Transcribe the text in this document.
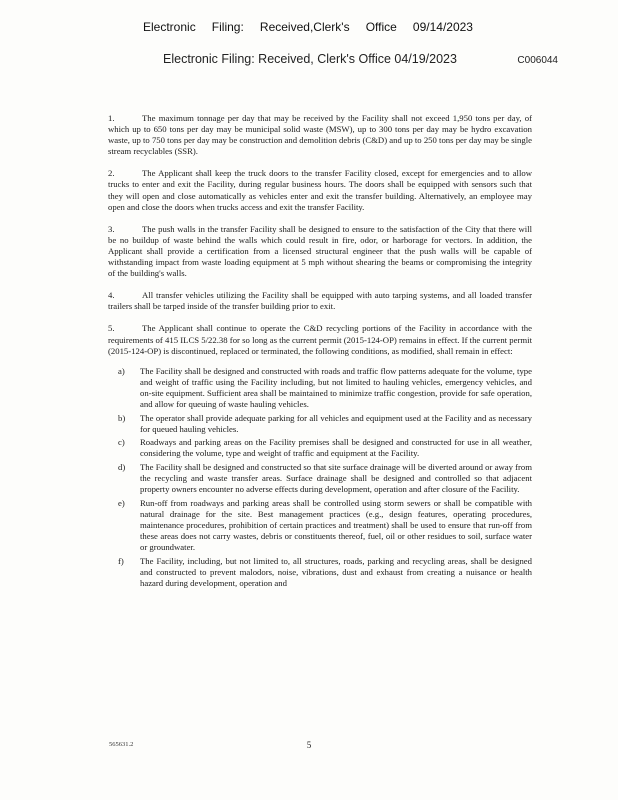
Electronic Filing: Received,Clerk's Office 09/14/2023
Electronic Filing: Received, Clerk's Office 04/19/2023	C006044

1.	The maximum tonnage per day that may be received by the Facility shall not exceed 1,950 tons per day, of which up to 650 tons per day may be municipal solid waste (MSW), up to 300 tons per day may be hydro excavation waste, up to 750 tons per day may be construction and demolition debris (C&D) and up to 250 tons per day may be single stream recyclables (SSR).

2.	The Applicant shall keep the truck doors to the transfer Facility closed, except for emergencies and to allow trucks to enter and exit the Facility, during regular business hours. The doors shall be equipped with sensors such that they will open and close automatically as vehicles enter and exit the transfer building. Alternatively, an employee may open and close the doors when trucks access and exit the transfer Facility.

3.	The push walls in the transfer Facility shall be designed to ensure to the satisfaction of the City that there will be no buildup of waste behind the walls which could result in fire, odor, or harborage for vectors. In addition, the Applicant shall provide a certification from a licensed structural engineer that the push walls will be capable of withstanding impact from waste loading equipment at 5 mph without shearing the beams or compromising the integrity of the building's walls.

4.	All transfer vehicles utilizing the Facility shall be equipped with auto tarping systems, and all loaded transfer trailers shall be tarped inside of the transfer building prior to exit.

5.	The Applicant shall continue to operate the C&D recycling portions of the Facility in accordance with the requirements of 415 ILCS 5/22.38 for so long as the current permit (2015-124-OP) remains in effect. If the current permit (2015-124-OP) is discontinued, replaced or terminated, the following conditions, as modified, shall remain in effect:

a)	The Facility shall be designed and constructed with roads and traffic flow patterns adequate for the volume, type and weight of traffic using the Facility including, but not limited to hauling vehicles, emergency vehicles, and on-site equipment. Sufficient area shall be maintained to minimize traffic congestion, provide for safe operation, and allow for queuing of waste hauling vehicles.
b)	The operator shall provide adequate parking for all vehicles and equipment used at the Facility and as necessary for queued hauling vehicles.
c)	Roadways and parking areas on the Facility premises shall be designed and constructed for use in all weather, considering the volume, type and weight of traffic and equipment at the Facility.
d)	The Facility shall be designed and constructed so that site surface drainage will be diverted around or away from the recycling and waste transfer areas. Surface drainage shall be designed and controlled so that adjacent property owners encounter no adverse effects during development, operation and after closure of the Facility.
e)	Run-off from roadways and parking areas shall be controlled using storm sewers or shall be compatible with natural drainage for the site. Best management practices (e.g., design features, operating procedures, maintenance procedures, prohibition of certain practices and treatment) shall be used to ensure that run-off from these areas does not carry wastes, debris or constituents thereof, fuel, oil or other residues to soil, surface water or groundwater.
f)	The Facility, including, but not limited to, all structures, roads, parking and recycling areas, shall be designed and constructed to prevent malodors, noise, vibrations, dust and exhaust from creating a nuisance or health hazard during development, operation and
565631.2	5
